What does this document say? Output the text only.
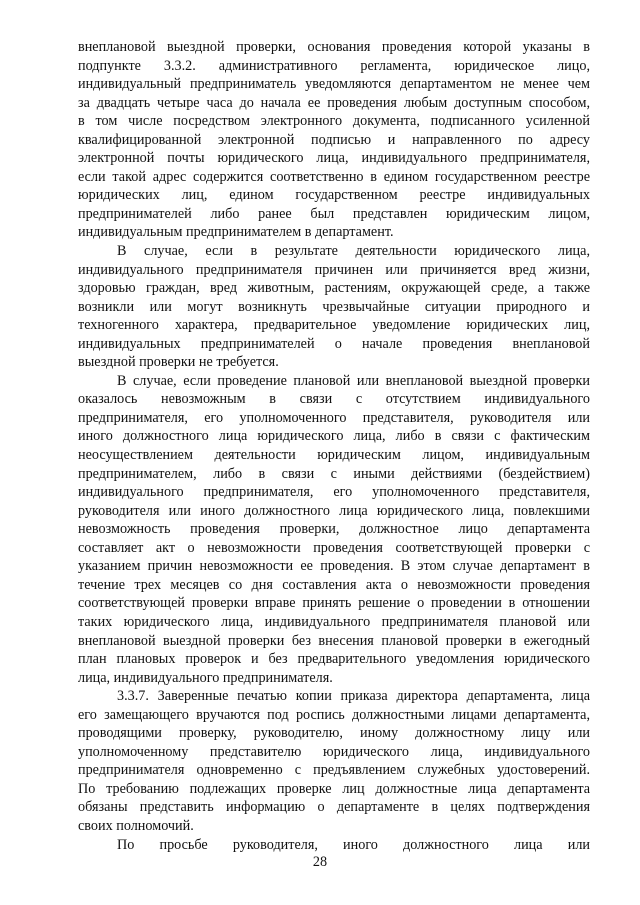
внеплановой выездной проверки, основания проведения которой указаны в
подпункте 3.3.2. административного регламента, юридическое лицо,
индивидуальный предприниматель уведомляются департаментом не менее чем
за двадцать четыре часа до начала ее проведения любым доступным способом,
в том числе посредством электронного документа, подписанного усиленной
квалифицированной электронной подписью и направленного по адресу
электронной почты юридического лица, индивидуального предпринимателя,
если такой адрес содержится соответственно в едином государственном реестре
юридических лиц, едином государственном реестре индивидуальных
предпринимателей либо ранее был представлен юридическим лицом,
индивидуальным предпринимателем в департамент.
В случае, если в результате деятельности юридического лица,
индивидуального предпринимателя причинен или причиняется вред жизни,
здоровью граждан, вред животным, растениям, окружающей среде, а также
возникли или могут возникнуть чрезвычайные ситуации природного и
техногенного характера, предварительное уведомление юридических лиц,
индивидуальных предпринимателей о начале проведения внеплановой
выездной проверки не требуется.
В случае, если проведение плановой или внеплановой выездной проверки
оказалось невозможным в связи с отсутствием индивидуального
предпринимателя, его уполномоченного представителя, руководителя или
иного должностного лица юридического лица, либо в связи с фактическим
неосуществлением деятельности юридическим лицом, индивидуальным
предпринимателем, либо в связи с иными действиями (бездействием)
индивидуального предпринимателя, его уполномоченного представителя,
руководителя или иного должностного лица юридического лица, повлекшими
невозможность проведения проверки, должностное лицо департамента
составляет акт о невозможности проведения соответствующей проверки с
указанием причин невозможности ее проведения. В этом случае департамент в
течение трех месяцев со дня составления акта о невозможности проведения
соответствующей проверки вправе принять решение о проведении в отношении
таких юридического лица, индивидуального предпринимателя плановой или
внеплановой выездной проверки без внесения плановой проверки в ежегодный
план плановых проверок и без предварительного уведомления юридического
лица, индивидуального предпринимателя.
3.3.7. Заверенные печатью копии приказа директора департамента, лица
его замещающего вручаются под роспись должностными лицами департамента,
проводящими проверку, руководителю, иному должностному лицу или
уполномоченному представителю юридического лица, индивидуального
предпринимателя одновременно с предъявлением служебных удостоверений.
По требованию подлежащих проверке лиц должностные лица департамента
обязаны представить информацию о департаменте в целях подтверждения
своих полномочий.
По просьбе руководителя, иного должностного лица или
28
